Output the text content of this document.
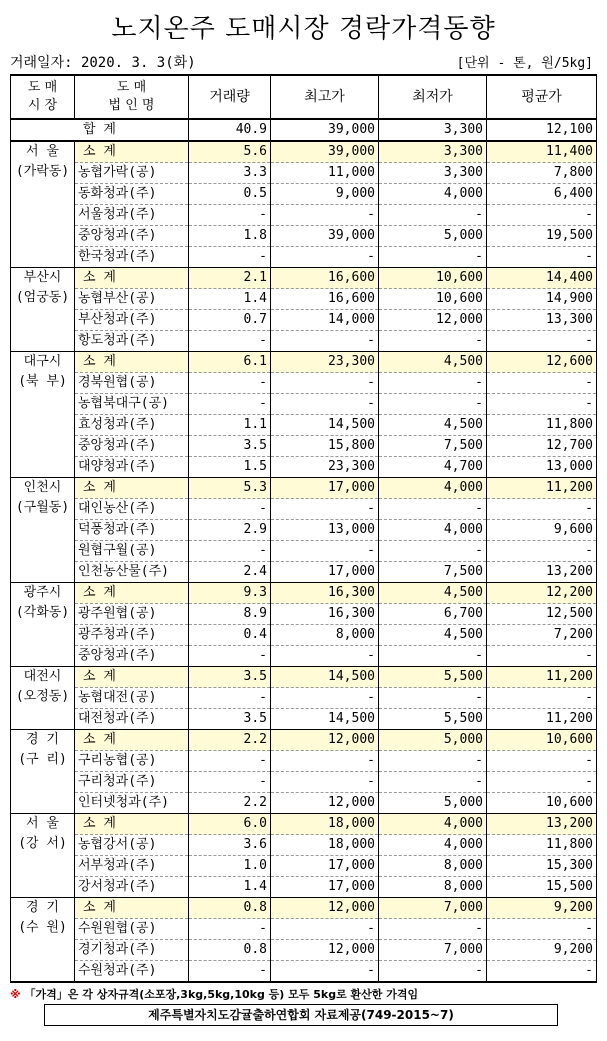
노지온주 도매시장 경락가격동향
거래일자: 2020. 3. 3(화)	[단위 - 톤, 원/5kg]
도 매
시 장	도 매
법 인 명	거래량	최고가	최저가	평균가
합 계		40.9	39,000	3,300	12,100
서 울
(가락동)	소 계	5.6	39,000	3,300	11,400
	농협가락(공)	3.3	11,000	3,300	7,800
	동화청과(주)	0.5	9,000	4,000	6,400
	서울청과(주)	-	-	-	-
	중앙청과(주)	1.8	39,000	5,000	19,500
	한국청과(주)	-	-	-	-
부산시
(엄궁동)	소 계	2.1	16,600	10,600	14,400
	농협부산(공)	1.4	16,600	10,600	14,900
	부산청과(주)	0.7	14,000	12,000	13,300
	항도청과(주)	-	-	-	-
대구시
(북 부)	소 계	6.1	23,300	4,500	12,600
	경북원협(공)	-	-	-	-
	농협북대구(공)	-	-	-	-
	효성청과(주)	1.1	14,500	4,500	11,800
	중앙청과(주)	3.5	15,800	7,500	12,700
	대양청과(주)	1.5	23,300	4,700	13,000
인천시
(구월동)	소 계	5.3	17,000	4,000	11,200
	대인농산(주)	-	-	-	-
	덕풍청과(주)	2.9	13,000	4,000	9,600
	원협구월(공)	-	-	-	-
	인천농산물(주)	2.4	17,000	7,500	13,200
광주시
(각화동)	소 계	9.3	16,300	4,500	12,200
	광주원협(공)	8.9	16,300	6,700	12,500
	광주청과(주)	0.4	8,000	4,500	7,200
	중앙청과(주)	-	-	-	-
대전시
(오정동)	소 계	3.5	14,500	5,500	11,200
	농협대전(공)	-	-	-	-
	대전청과(주)	3.5	14,500	5,500	11,200
경 기
(구 리)	소 계	2.2	12,000	5,000	10,600
	구리농협(공)	-	-	-	-
	구리청과(주)	-	-	-	-
	인터넷청과(주)	2.2	12,000	5,000	10,600
서 울
(강 서)	소 계	6.0	18,000	4,000	13,200
	농협강서(공)	3.6	18,000	4,000	11,800
	서부청과(주)	1.0	17,000	8,000	15,300
	강서청과(주)	1.4	17,000	8,000	15,500
경 기
(수 원)	소 계	0.8	12,000	7,000	9,200
	수원원협(공)	-	-	-	-
	경기청과(주)	0.8	12,000	7,000	9,200
	수원청과(주)	-	-	-	-
※ 「가격」은 각 상자규격(소포장,3kg,5kg,10kg 등) 모두 5kg로 환산한 가격임
제주특별자치도감귤출하연합회 자료제공(749-2015~7)
